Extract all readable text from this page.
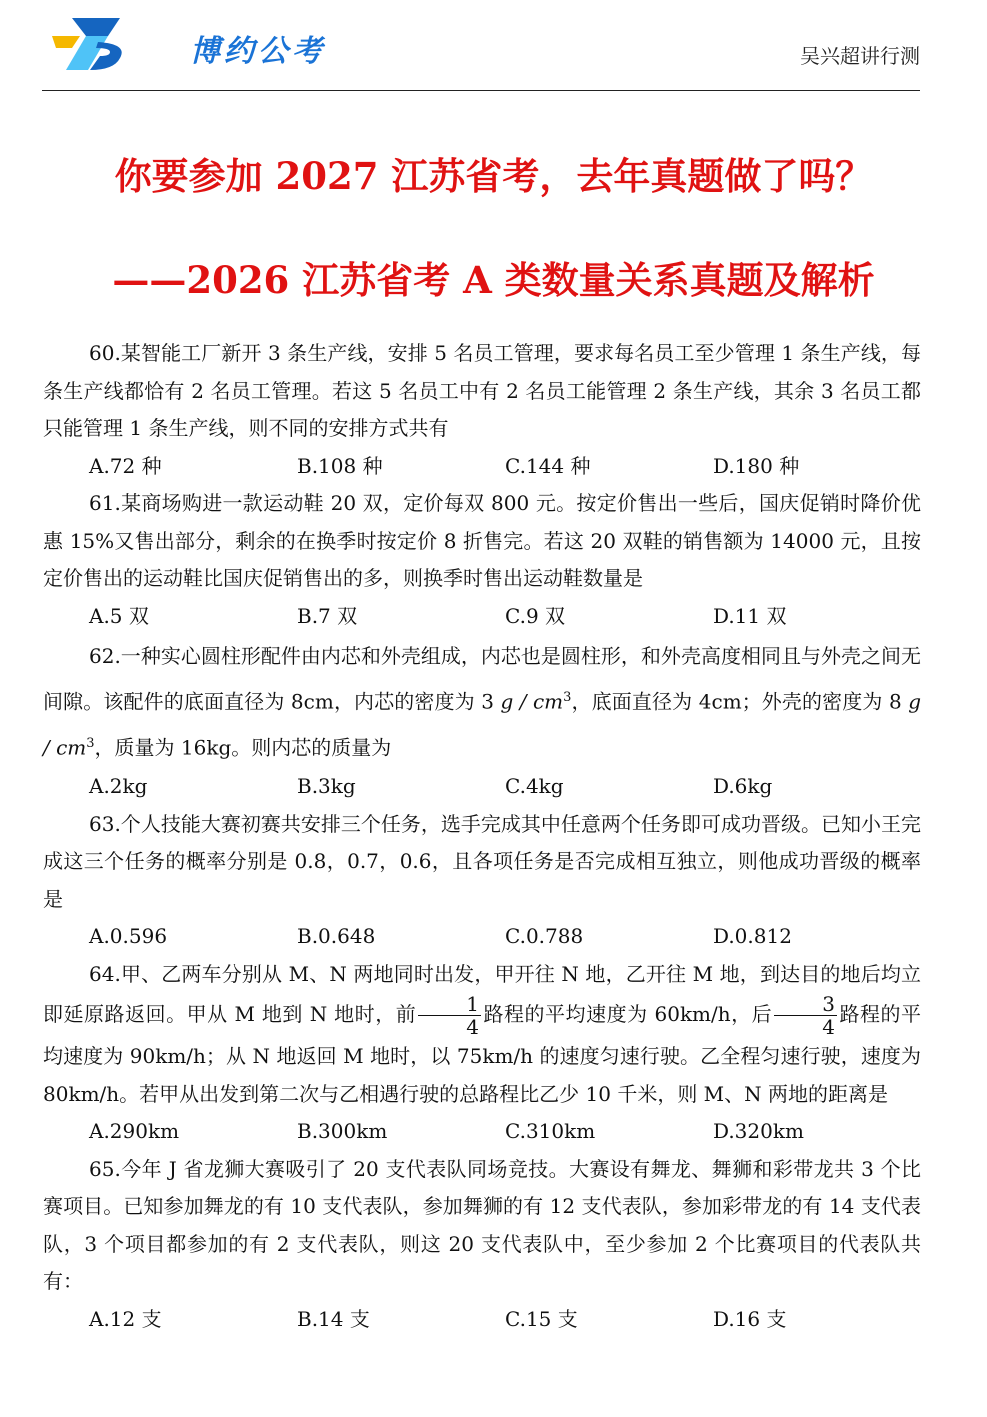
博约公考	吴兴超讲行测
你要参加 2027 江苏省考，去年真题做了吗？
——2026 江苏省考 A 类数量关系真题及解析

60.某智能工厂新开 3 条生产线，安排 5 名员工管理，要求每名员工至少管理 1 条生产线，每条生产线都恰有 2 名员工管理。若这 5 名员工中有 2 名员工能管理 2 条生产线，其余 3 名员工都只能管理 1 条生产线，则不同的安排方式共有

A.72 种	B.108 种	C.144 种	D.180 种

61.某商场购进一款运动鞋 20 双，定价每双 800 元。按定价售出一些后，国庆促销时降价优惠 15%又售出部分，剩余的在换季时按定价 8 折售完。若这 20 双鞋的销售额为 14000 元，且按定价售出的运动鞋比国庆促销售出的多，则换季时售出运动鞋数量是

A.5 双	B.7 双	C.9 双	D.11 双

62.一种实心圆柱形配件由内芯和外壳组成，内芯也是圆柱形，和外壳高度相同且与外壳之间无间隙。该配件的底面直径为 8cm，内芯的密度为 3 g / $cm^3$，底面直径为 4cm；外壳的密度为 8 g / $cm^3$，质量为 16kg。则内芯的质量为

A.2kg	B.3kg	C.4kg	D.6kg

63.个人技能大赛初赛共安排三个任务，选手完成其中任意两个任务即可成功晋级。已知小王完成这三个任务的概率分别是 0.8，0.7，0.6，且各项任务是否完成相互独立，则他成功晋级的概率是

A.0.596	B.0.648	C.0.788	D.0.812

64.甲、乙两车分别从 M、N 两地同时出发，甲开往 N 地，乙开往 M 地，到达目的地后均立即延原路返回。甲从 M 地到 N 地时，前 $\frac{1}{4}$ 路程的平均速度为 60km/h，后 $\frac{3}{4}$ 路程的平均速度为 90km/h；从 N 地返回 M 地时，以 75km/h 的速度匀速行驶。乙全程匀速行驶，速度为 80km/h。若甲从出发到第二次与乙相遇行驶的总路程比乙少 10 千米，则 M、N 两地的距离是

A.290km	B.300km	C.310km	D.320km

65.今年 J 省龙狮大赛吸引了 20 支代表队同场竞技。大赛设有舞龙、舞狮和彩带龙共 3 个比赛项目。已知参加舞龙的有 10 支代表队，参加舞狮的有 12 支代表队，参加彩带龙的有 14 支代表队，3 个项目都参加的有 2 支代表队，则这 20 支代表队中，至少参加 2 个比赛项目的代表队共有：

A.12 支	B.14 支	C.15 支	D.16 支
